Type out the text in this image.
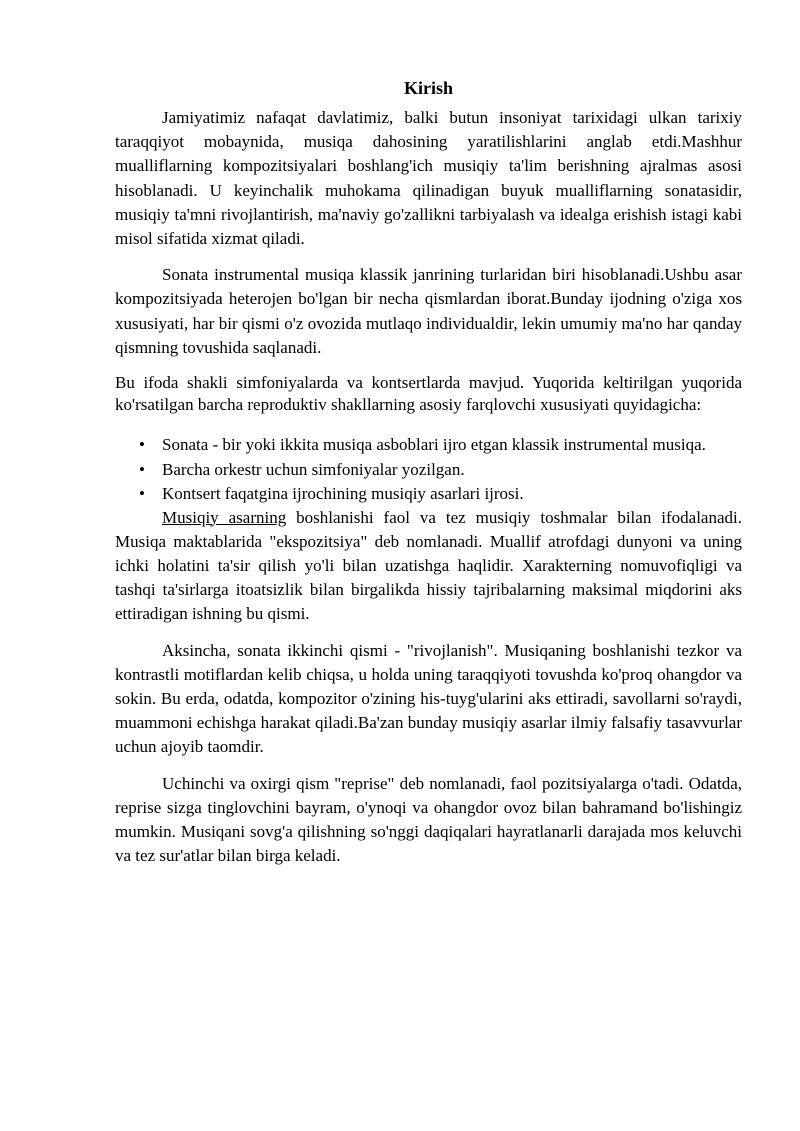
Kirish

Jamiyatimiz nafaqat davlatimiz, balki butun insoniyat tarixidagi ulkan tarixiy taraqqiyot mobaynida, musiqa dahosining yaratilishlarini anglab etdi.Mashhur mualliflarning kompozitsiyalari boshlang'ich musiqiy ta'lim berishning ajralmas asosi hisoblanadi. U keyinchalik muhokama qilinadigan buyuk mualliflarning sonatasidir, musiqiy ta'mni rivojlantirish, ma'naviy go'zallikni tarbiyalash va idealga erishish istagi kabi misol sifatida xizmat qiladi.

Sonata instrumental musiqa klassik janrining turlaridan biri hisoblanadi.Ushbu asar kompozitsiyada heterojen bo'lgan bir necha qismlardan iborat.Bunday ijodning o'ziga xos xususiyati, har bir qismi o'z ovozida mutlaqo individualdir, lekin umumiy ma'no har qanday qismning tovushida saqlanadi.

Bu ifoda shakli simfoniyalarda va kontsertlarda mavjud. Yuqorida keltirilgan yuqorida ko'rsatilgan barcha reproduktiv shakllarning asosiy farqlovchi xususiyati quyidagicha:

• Sonata - bir yoki ikkita musiqa asboblari ijro etgan klassik instrumental musiqa.
• Barcha orkestr uchun simfoniyalar yozilgan.
• Kontsert faqatgina ijrochining musiqiy asarlari ijrosi.

Musiqiy asarning boshlanishi faol va tez musiqiy toshmalar bilan ifodalanadi. Musiqa maktablarida "ekspozitsiya" deb nomlanadi. Muallif atrofdagi dunyoni va uning ichki holatini ta'sir qilish yo'li bilan uzatishga haqlidir. Xarakterning nomuvofiqligi va tashqi ta'sirlarga itoatsizlik bilan birgalikda hissiy tajribalarning maksimal miqdorini aks ettiradigan ishning bu qismi.

Aksincha, sonata ikkinchi qismi - "rivojlanish". Musiqaning boshlanishi tezkor va kontrastli motiflardan kelib chiqsa, u holda uning taraqqiyoti tovushda ko'proq ohangdor va sokin. Bu erda, odatda, kompozitor o'zining his-tuyg'ularini aks ettiradi, savollarni so'raydi, muammoni echishga harakat qiladi.Ba'zan bunday musiqiy asarlar ilmiy falsafiy tasavvurlar uchun ajoyib taomdir.

Uchinchi va oxirgi qism "reprise" deb nomlanadi, faol pozitsiyalarga o'tadi. Odatda, reprise sizga tinglovchini bayram, o'ynoqi va ohangdor ovoz bilan bahramand bo'lishingiz mumkin. Musiqani sovg'a qilishning so'nggi daqiqalari hayratlanarli darajada mos keluvchi va tez sur'atlar bilan birga keladi.
